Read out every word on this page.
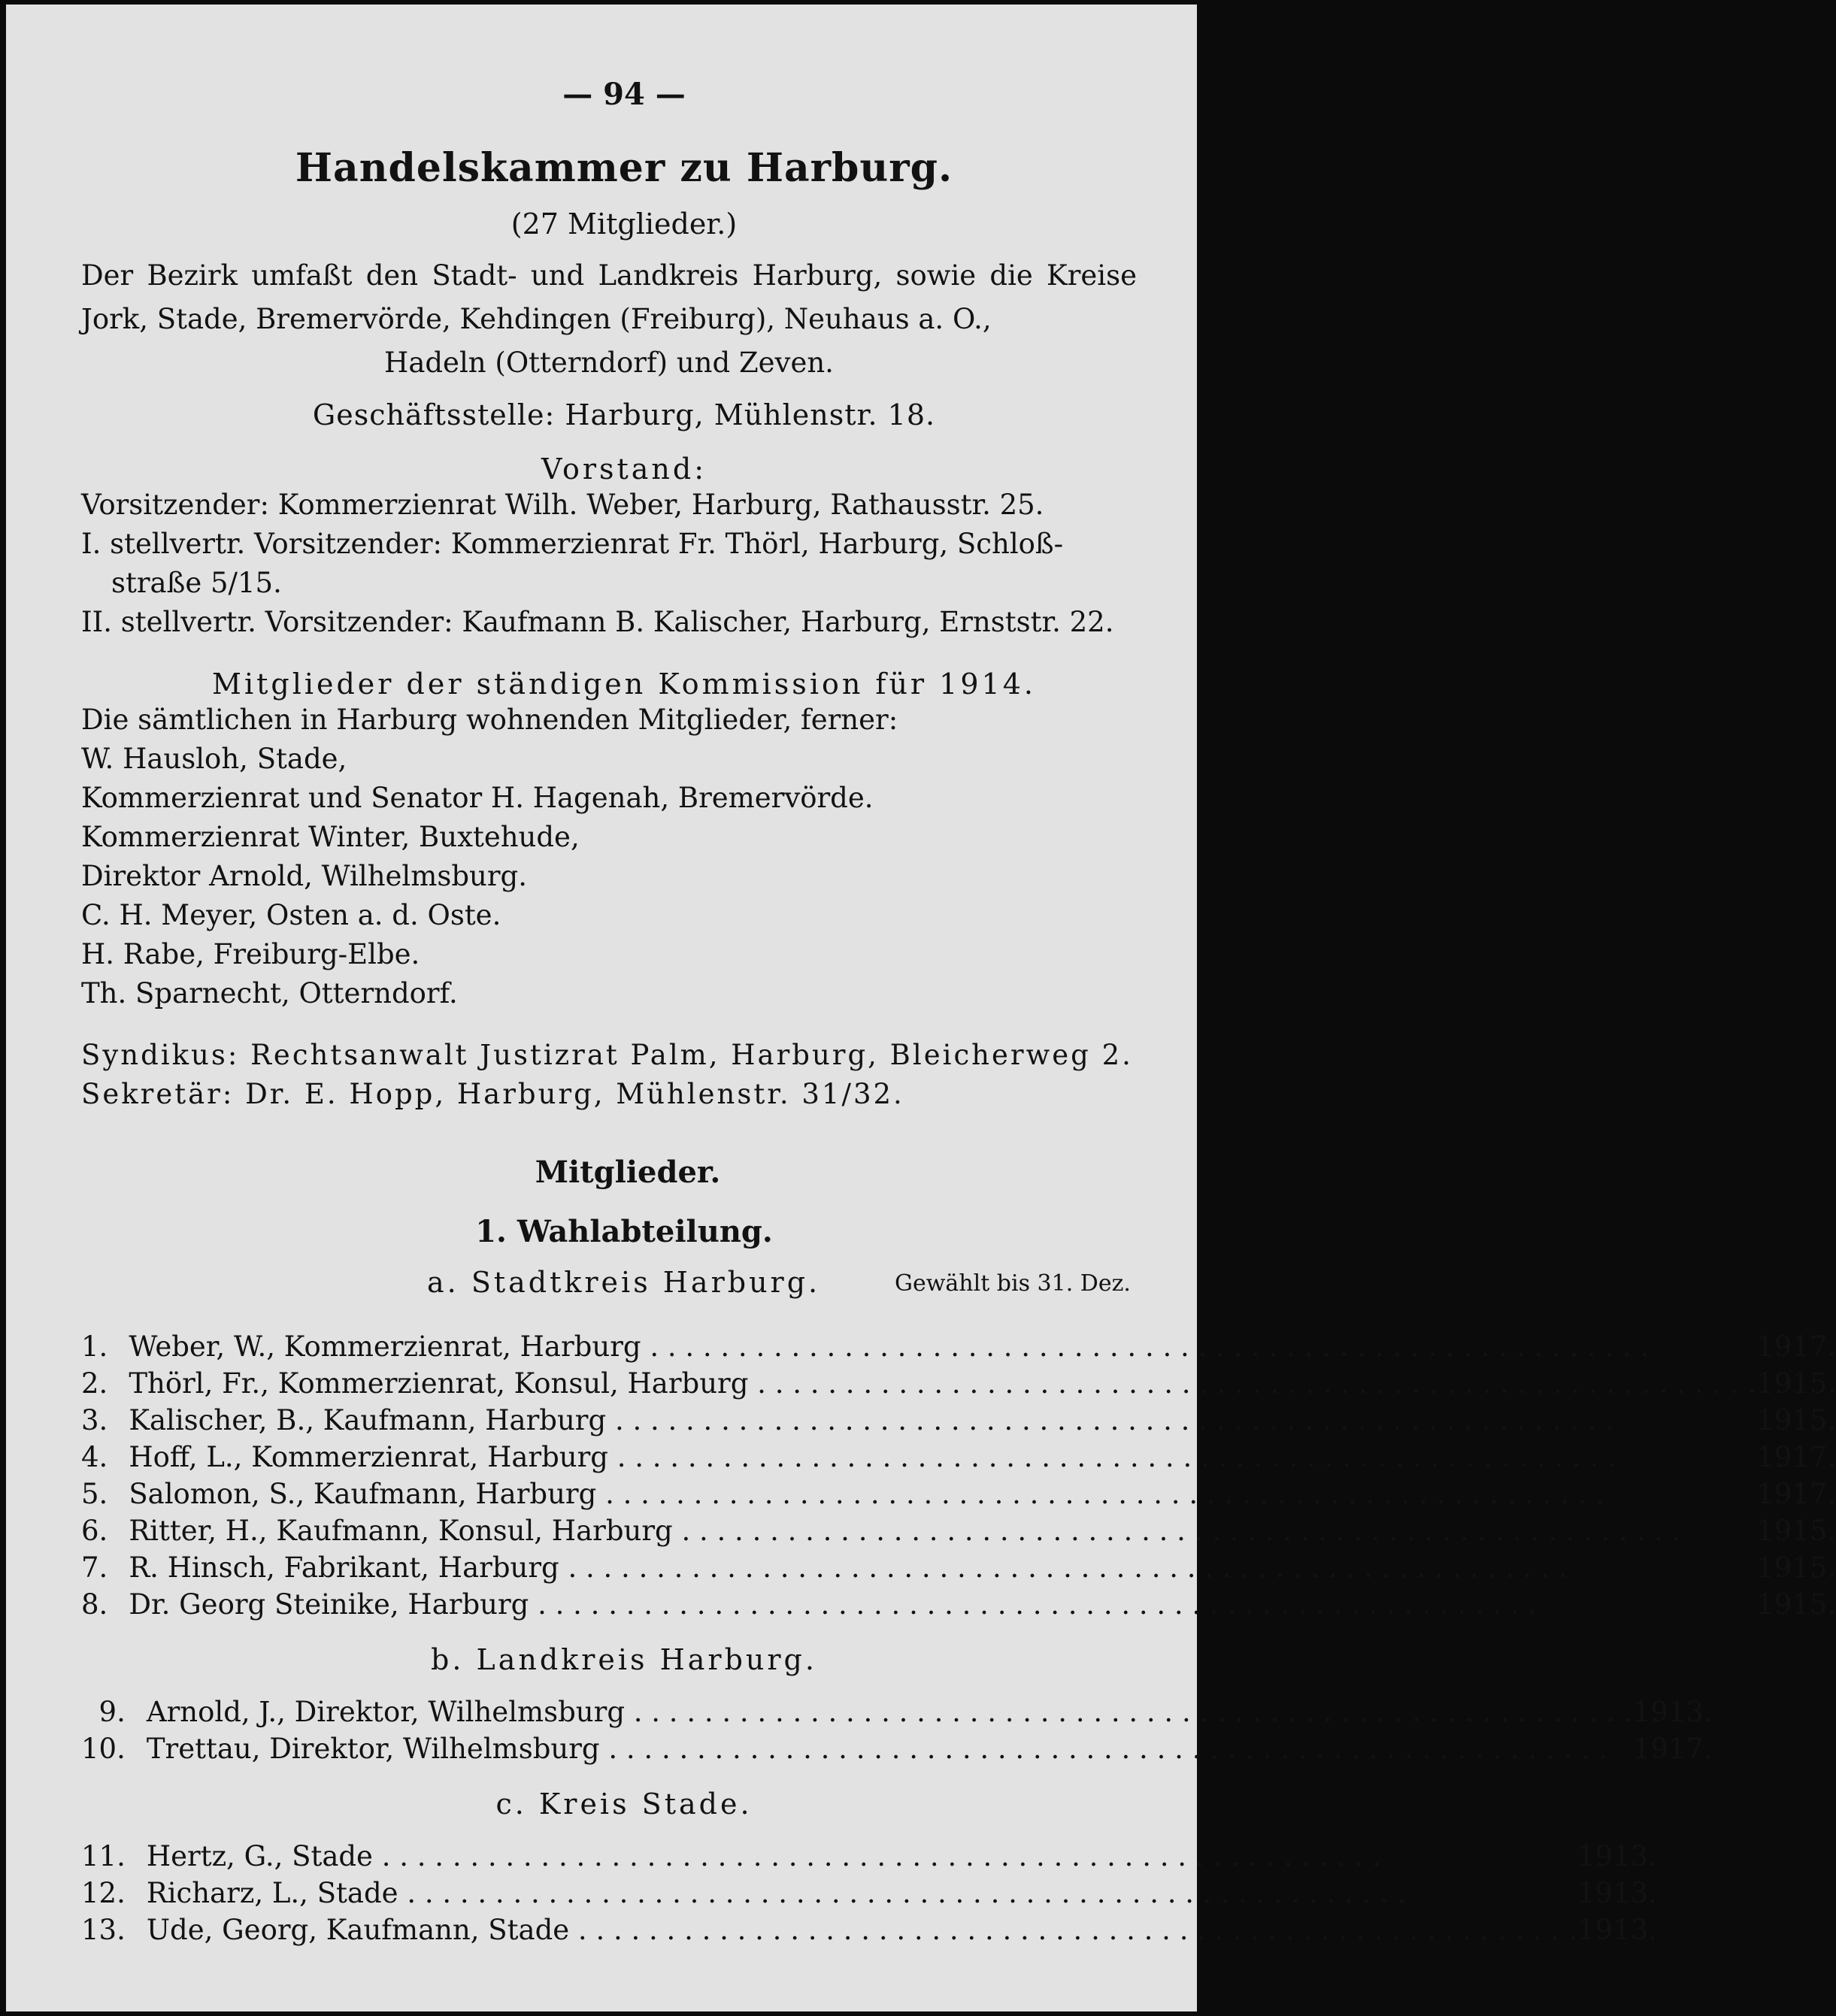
— 94 —
Handelskammer zu Harburg.
(27 Mitglieder.)
Der Bezirk umfaßt den Stadt- und Landkreis Harburg, sowie die Kreise Jork, Stade, Bremervörde, Kehdingen (Freiburg), Neuhaus a. O.,
Hadeln (Otterndorf) und Zeven.
Geschäftsstelle: Harburg, Mühlenstr. 18.
Vorstand:
Vorsitzender: Kommerzienrat Wilh. Weber, Harburg, Rathausstr. 25.
I. stellvertr. Vorsitzender: Kommerzienrat Fr. Thörl, Harburg, Schloß-
straße 5/15.
II. stellvertr. Vorsitzender: Kaufmann B. Kalischer, Harburg, Ernststr. 22.
Mitglieder der ständigen Kommission für 1914.
Die sämtlichen in Harburg wohnenden Mitglieder, ferner:
W. Hausloh, Stade,
Kommerzienrat und Senator H. Hagenah, Bremervörde.
Kommerzienrat Winter, Buxtehude,
Direktor Arnold, Wilhelmsburg.
C. H. Meyer, Osten a. d. Oste.
H. Rabe, Freiburg-Elbe.
Th. Sparnecht, Otterndorf.
Syndikus: Rechtsanwalt Justizrat Palm, Harburg, Bleicherweg 2.
Sekretär: Dr. E. Hopp, Harburg, Mühlenstr. 31/32.
Mitglieder.
1. Wahlabteilung.
a. Stadtkreis Harburg.	Gewählt bis 31. Dez.
1.	Weber, W., Kommerzienrat, Harburg . . .	1917.
2.	Thörl, Fr., Kommerzienrat, Konsul, Harburg . . .	1915.
3.	Kalischer, B., Kaufmann, Harburg . . .	1915.
4.	Hoff, L., Kommerzienrat, Harburg . . .	1917.
5.	Salomon, S., Kaufmann, Harburg . . .	1917.
6.	Ritter, H., Kaufmann, Konsul, Harburg . . .	1915.
7.	R. Hinsch, Fabrikant, Harburg . . .	1915.
8.	Dr. Georg Steinike, Harburg . . .	1915.
b. Landkreis Harburg.
9.	Arnold, J., Direktor, Wilhelmsburg . . .	1913.
10.	Trettau, Direktor, Wilhelmsburg . . .	1917.
c. Kreis Stade.
11.	Hertz, G., Stade . . .	1913.
12.	Richarz, L., Stade . . .	1913.
13.	Ude, Georg, Kaufmann, Stade . . .	1913.
